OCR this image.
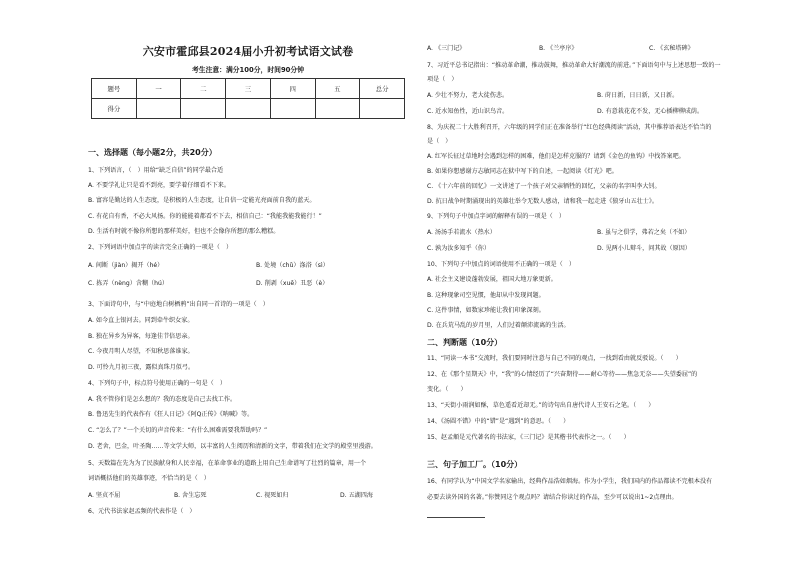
六安市霍邱县2024届小升初考试语文试卷
考生注意：满分100分，时间90分钟
题号	一	二	三	四	五	总分
得分						
一、选择题（每小题2分，共20分）
1、下列语言，（　）用给“缺乏自信”的同学最合适
A. 不要学礼让只是看不到亮，要学着仔细看不下来。
B. 富容是勤达的人生态度，是积极的人生态度，让自信一定能光亮面前自我的蓝天。
C. 有花自有香，不必大风扬。你的能能着都看不下去，相信自己：“我能我能我能行！”
D. 生活有时就不像你所想的那样美好，但也不会像你所想的那么糟糕。
2、下列词语中加点字的读音完全正确的一项是（　）
A. 间断（jiàn）揭开（hé）	B. 处境（chǔ）涤浴（sì）
C. 拣弄（nèng）含糊（hú）	D. 削剥（xuē）丑恶（è）
3、下面诗句中，与“中庭地白树栖鸦”出自同一首诗的一项是（　）
A. 如今直上银河去。同到牵牛织女家。
B. 独在异乡为异客，每逢佳节倍思亲。
C. 今夜月明人尽望，不知秋思落谁家。
D. 可怜九月初三夜，露似真珠月似弓。
4、下列句子中，标点符号使用正确的一句是（　）
A. 我不管你们是怎么想的？我的态度是自己去找工作。
B. 鲁迅先生的代表作有《狂人日记》《阿Q正传》《呐喊》等。
C. “怎么了？”一个关切的声音传来：“有什么困难需要我帮助吗？”
D. 老舍，巴金，叶圣陶……等文学大师，以丰富的人生阅历和清新的文字，带着我们在文学的殿堂里漫游。
5、天数篇在先为为了民族献身和人民幸福，在革命事业的道路上用自己生命谱写了壮烈的篇章，用一个
词语概括他们的英雄事迹，不恰当的是（　）
A. 坚贞不屈	B. 舍生忘死	C. 视死如归	D. 五湖四海
6、元代书法家赵孟频的代表作是（　）
A. 《三门记》	B. 《兰亭序》	C. 《玄秘塔碑》
7、习近平总书记指出：“推动革命潮，推动鼓舞，推动革命大好潮流的前进。”下面语句中与上述思想一致的一
项是（　）
A. 少壮不努力，老大徒伤悲。	B. 莳日新，日日新，又日新。
C. 近水知鱼性，近山识鸟音。	D. 有意栽花花不发，无心插柳柳成荫。
8、为庆祝二十大胜利召开，六年级的同学们正在准备举行“红色经典阅读”活动，其中推荐语表达不恰当的
是（　）
A. 红军长征过草地时会遇到怎样的困难，他们是怎样克服的？请到《金色的鱼钩》中找答案吧。
B. 如果你想感谢方志敏同志在狱中写下的自述，一起阅读《灯光》吧。
C. 《十六年前的回忆》一文讲述了一个孩子对父亲牺牲的回忆，父亲的名字叫李大钊。
D. 抗日战争时期涌现出的英雄壮举令无数人感动，请和我一起走进《狼牙山五壮士》。
9、下列句子中加点字词的解释有误的一项是（　）
A. 汤汤手若流水（热水）	B. 虽与之俱学，弗若之矣（不如）
C. 孰为汝多知乎（你）	D. 见两小儿辩斗，问其故（原因）
10、下列句子中加点的词语使用不正确的一项是（　）
A. 社会主义建设蓬勃发展，祖国大地万象更新。
B. 这种现象司空见惯，他却从中发现问题。
C. 这件事情，如数家珍能让我们印象深刻。
D. 在兵荒马乱的岁月里，人们过着颠沛流离的生活。
二、判断题（10分）
11、“同读一本书”交流时，我们要同时注意与自己不同的观点，一找到看由就反驳说。（　　）
12、在《那个星期天》中，“我”的心情经历了“兴奋期待——耐心等待——焦急无奈——失望委屈”的
变化。（　　）
13、“天街小雨润如酥，草色遥看近却无。”的诗句出自唐代诗人王安石之笔。（　　）
14、《汤圆不错》中的“错”是“遇到”的意思。（　　）
15、赵孟頫是元代著名的书法家，《三门记》是其楷书代表作之一。（　　）
三、句子加工厂。（10分）
16、有同学认为“中国文学名家输出，经典作品浩如烟海。作为小学生，我们国内的作品都读不完根本没有
必要去读外国的名著。”你赞同这个观点吗？请结合你读过的作品，至少可以说出1~2点理由。
